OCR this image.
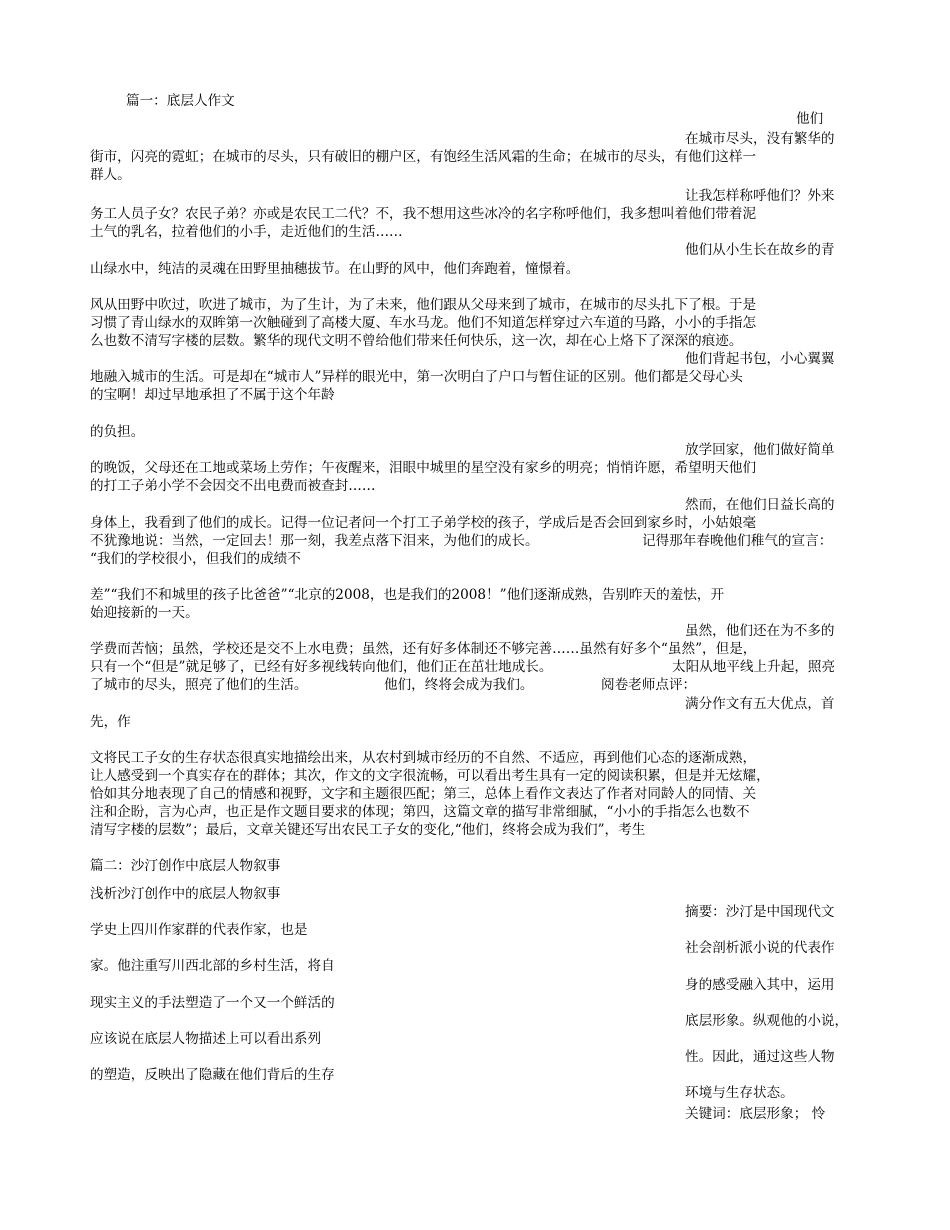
篇一：底层人作文
他们
在城市尽头，没有繁华的
街市，闪亮的霓虹；在城市的尽头，只有破旧的棚户区，有饱经生活风霜的生命；在城市的尽头，有他们这样一
群人。
让我怎样称呼他们？外来
务工人员子女？农民子弟？亦或是农民工二代？不，我不想用这些冰冷的名字称呼他们，我多想叫着他们带着泥
土气的乳名，拉着他们的小手，走近他们的生活……
他们从小生长在故乡的青
山绿水中，纯洁的灵魂在田野里抽穗拔节。在山野的风中，他们奔跑着，憧憬着。
风从田野中吹过，吹进了城市，为了生计，为了未来，他们跟从父母来到了城市，在城市的尽头扎下了根。于是
习惯了青山绿水的双眸第一次触碰到了高楼大厦、车水马龙。他们不知道怎样穿过六车道的马路，小小的手指怎
么也数不清写字楼的层数。繁华的现代文明不曾给他们带来任何快乐，这一次，却在心上烙下了深深的痕迹。
他们背起书包，小心翼翼
地融入城市的生活。可是却在“城市人”异样的眼光中，第一次明白了户口与暂住证的区别。他们都是父母心头
的宝啊！却过早地承担了不属于这个年龄
的负担。
放学回家，他们做好简单
的晚饭，父母还在工地或菜场上劳作；午夜醒来，泪眼中城里的星空没有家乡的明亮；悄悄许愿，希望明天他们
的打工子弟小学不会因交不出电费而被查封……
然而，在他们日益长高的
身体上，我看到了他们的成长。记得一位记者问一个打工子弟学校的孩子，学成后是否会回到家乡时，小姑娘毫
不犹豫地说：当然，一定回去！那一刻，我差点落下泪来，为他们的成长。	记得那年春晚他们稚气的宣言：
“我们的学校很小，但我们的成绩不
差”“我们不和城里的孩子比爸爸”“北京的2008，也是我们的2008！”他们逐渐成熟，告别昨天的羞怯，开
始迎接新的一天。
虽然，他们还在为不多的
学费而苦恼；虽然，学校还是交不上水电费；虽然，还有好多体制还不够完善……虽然有好多个“虽然”，但是，
只有一个“但是”就足够了，已经有好多视线转向他们，他们正在茁壮地成长。	太阳从地平线上升起，照亮
了城市的尽头，照亮了他们的生活。	他们，终将会成为我们。	阅卷老师点评：
满分作文有五大优点，首
先，作
文将民工子女的生存状态很真实地描绘出来，从农村到城市经历的不自然、不适应，再到他们心态的逐渐成熟，
让人感受到一个真实存在的群体；其次，作文的文字很流畅，可以看出考生具有一定的阅读积累，但是并无炫耀，
恰如其分地表现了自己的情感和视野，文字和主题很匹配；第三，总体上看作文表达了作者对同龄人的同情、关
注和企盼，言为心声，也正是作文题目要求的体现；第四，这篇文章的描写非常细腻，“小小的手指怎么也数不
清写字楼的层数”；最后，文章关键还写出农民工子女的变化,“他们，终将会成为我们”，考生
篇二：沙汀创作中底层人物叙事
浅析沙汀创作中的底层人物叙事
摘要：沙汀是中国现代文
学史上四川作家群的代表作家，也是
社会剖析派小说的代表作
家。他注重写川西北部的乡村生活，将自
身的感受融入其中，运用
现实主义的手法塑造了一个又一个鲜活的
底层形象。纵观他的小说，
应该说在底层人物描述上可以看出系列
性。因此，通过这些人物
的塑造，反映出了隐藏在他们背后的生存
环境与生存状态。
关键词：底层形象； 怜
